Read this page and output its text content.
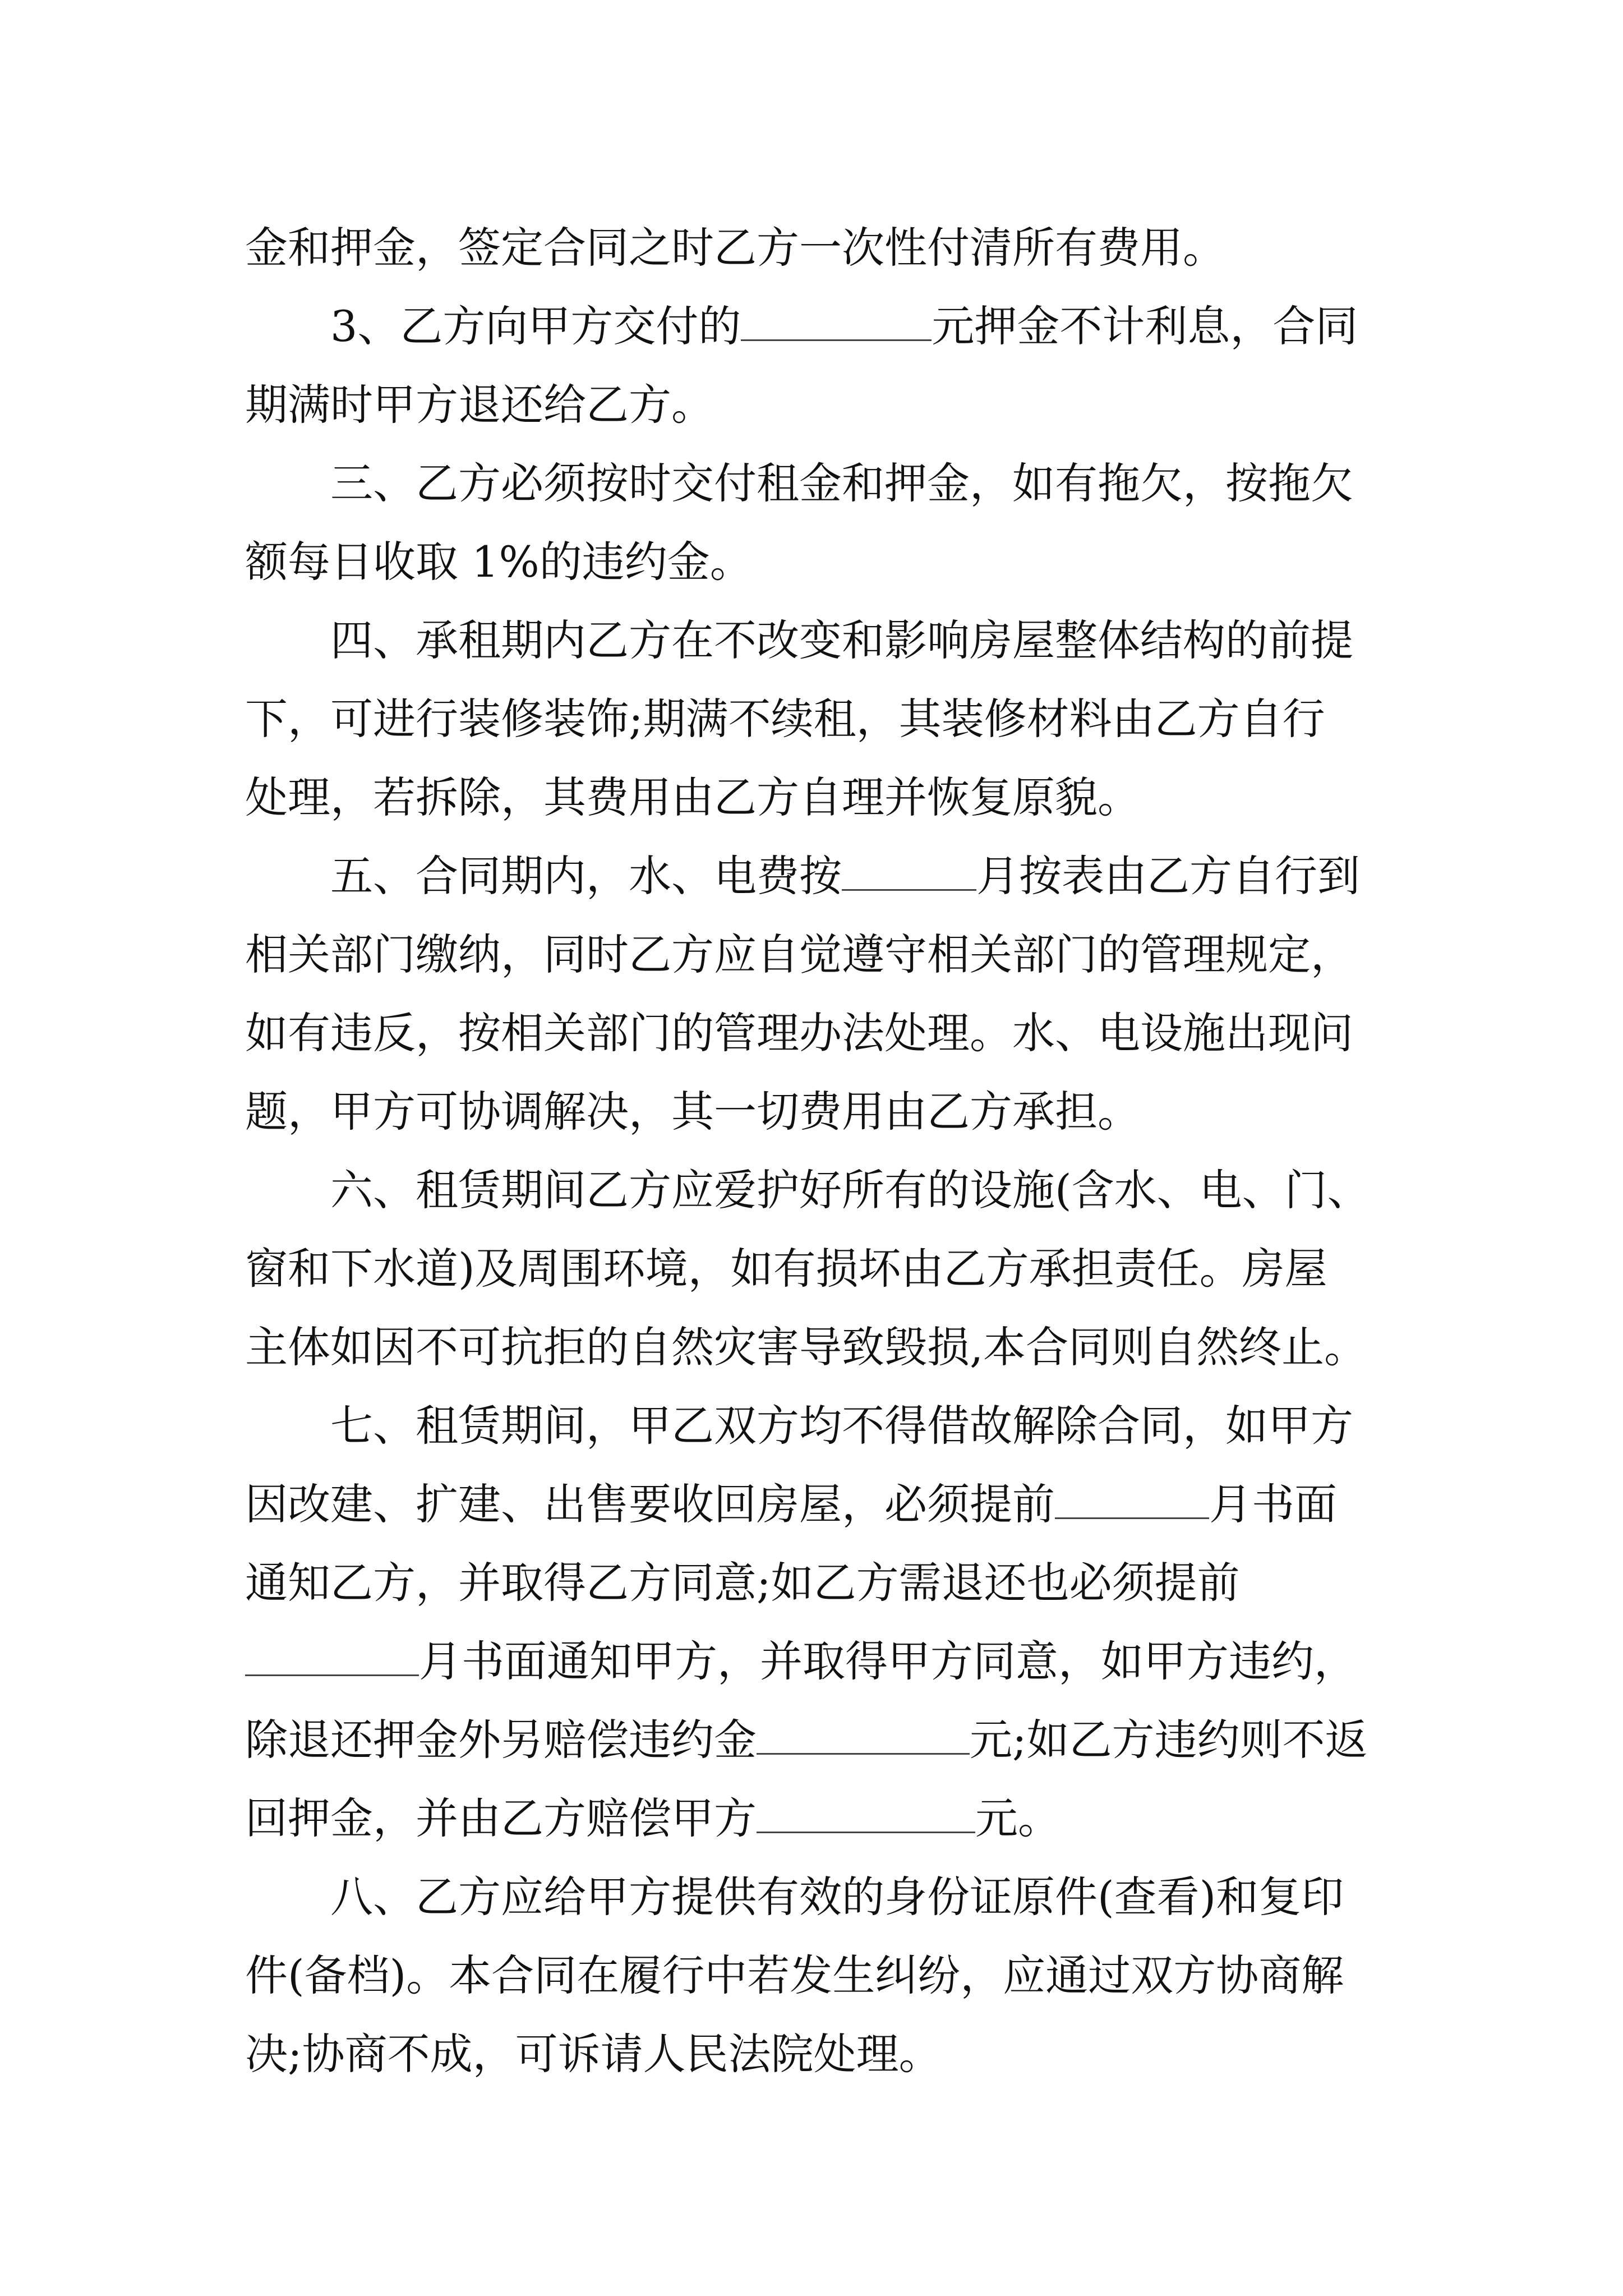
金和押金，签定合同之时乙方一次性付清所有费用。
3、乙方向甲方交付的	元押金不计利息，合同
期满时甲方退还给乙方。
三、乙方必须按时交付租金和押金，如有拖欠，按拖欠
额每日收取 1%的违约金。
四、承租期内乙方在不改变和影响房屋整体结构的前提
下，可进行装修装饰;期满不续租，其装修材料由乙方自行
处理，若拆除，其费用由乙方自理并恢复原貌。
五、合同期内，水、电费按	月按表由乙方自行到
相关部门缴纳，同时乙方应自觉遵守相关部门的管理规定，
如有违反，按相关部门的管理办法处理。水、电设施出现问
题，甲方可协调解决，其一切费用由乙方承担。
六、租赁期间乙方应爱护好所有的设施(含水、电、门、
窗和下水道)及周围环境，如有损坏由乙方承担责任。房屋
主体如因不可抗拒的自然灾害导致毁损,本合同则自然终止。
七、租赁期间，甲乙双方均不得借故解除合同，如甲方
因改建、扩建、出售要收回房屋，必须提前	月书面
通知乙方，并取得乙方同意;如乙方需退还也必须提前
月书面通知甲方，并取得甲方同意，如甲方违约，
除退还押金外另赔偿违约金	元;如乙方违约则不返
回押金，并由乙方赔偿甲方	元。
八、乙方应给甲方提供有效的身份证原件(查看)和复印
件(备档)。本合同在履行中若发生纠纷，应通过双方协商解
决;协商不成，可诉请人民法院处理。
